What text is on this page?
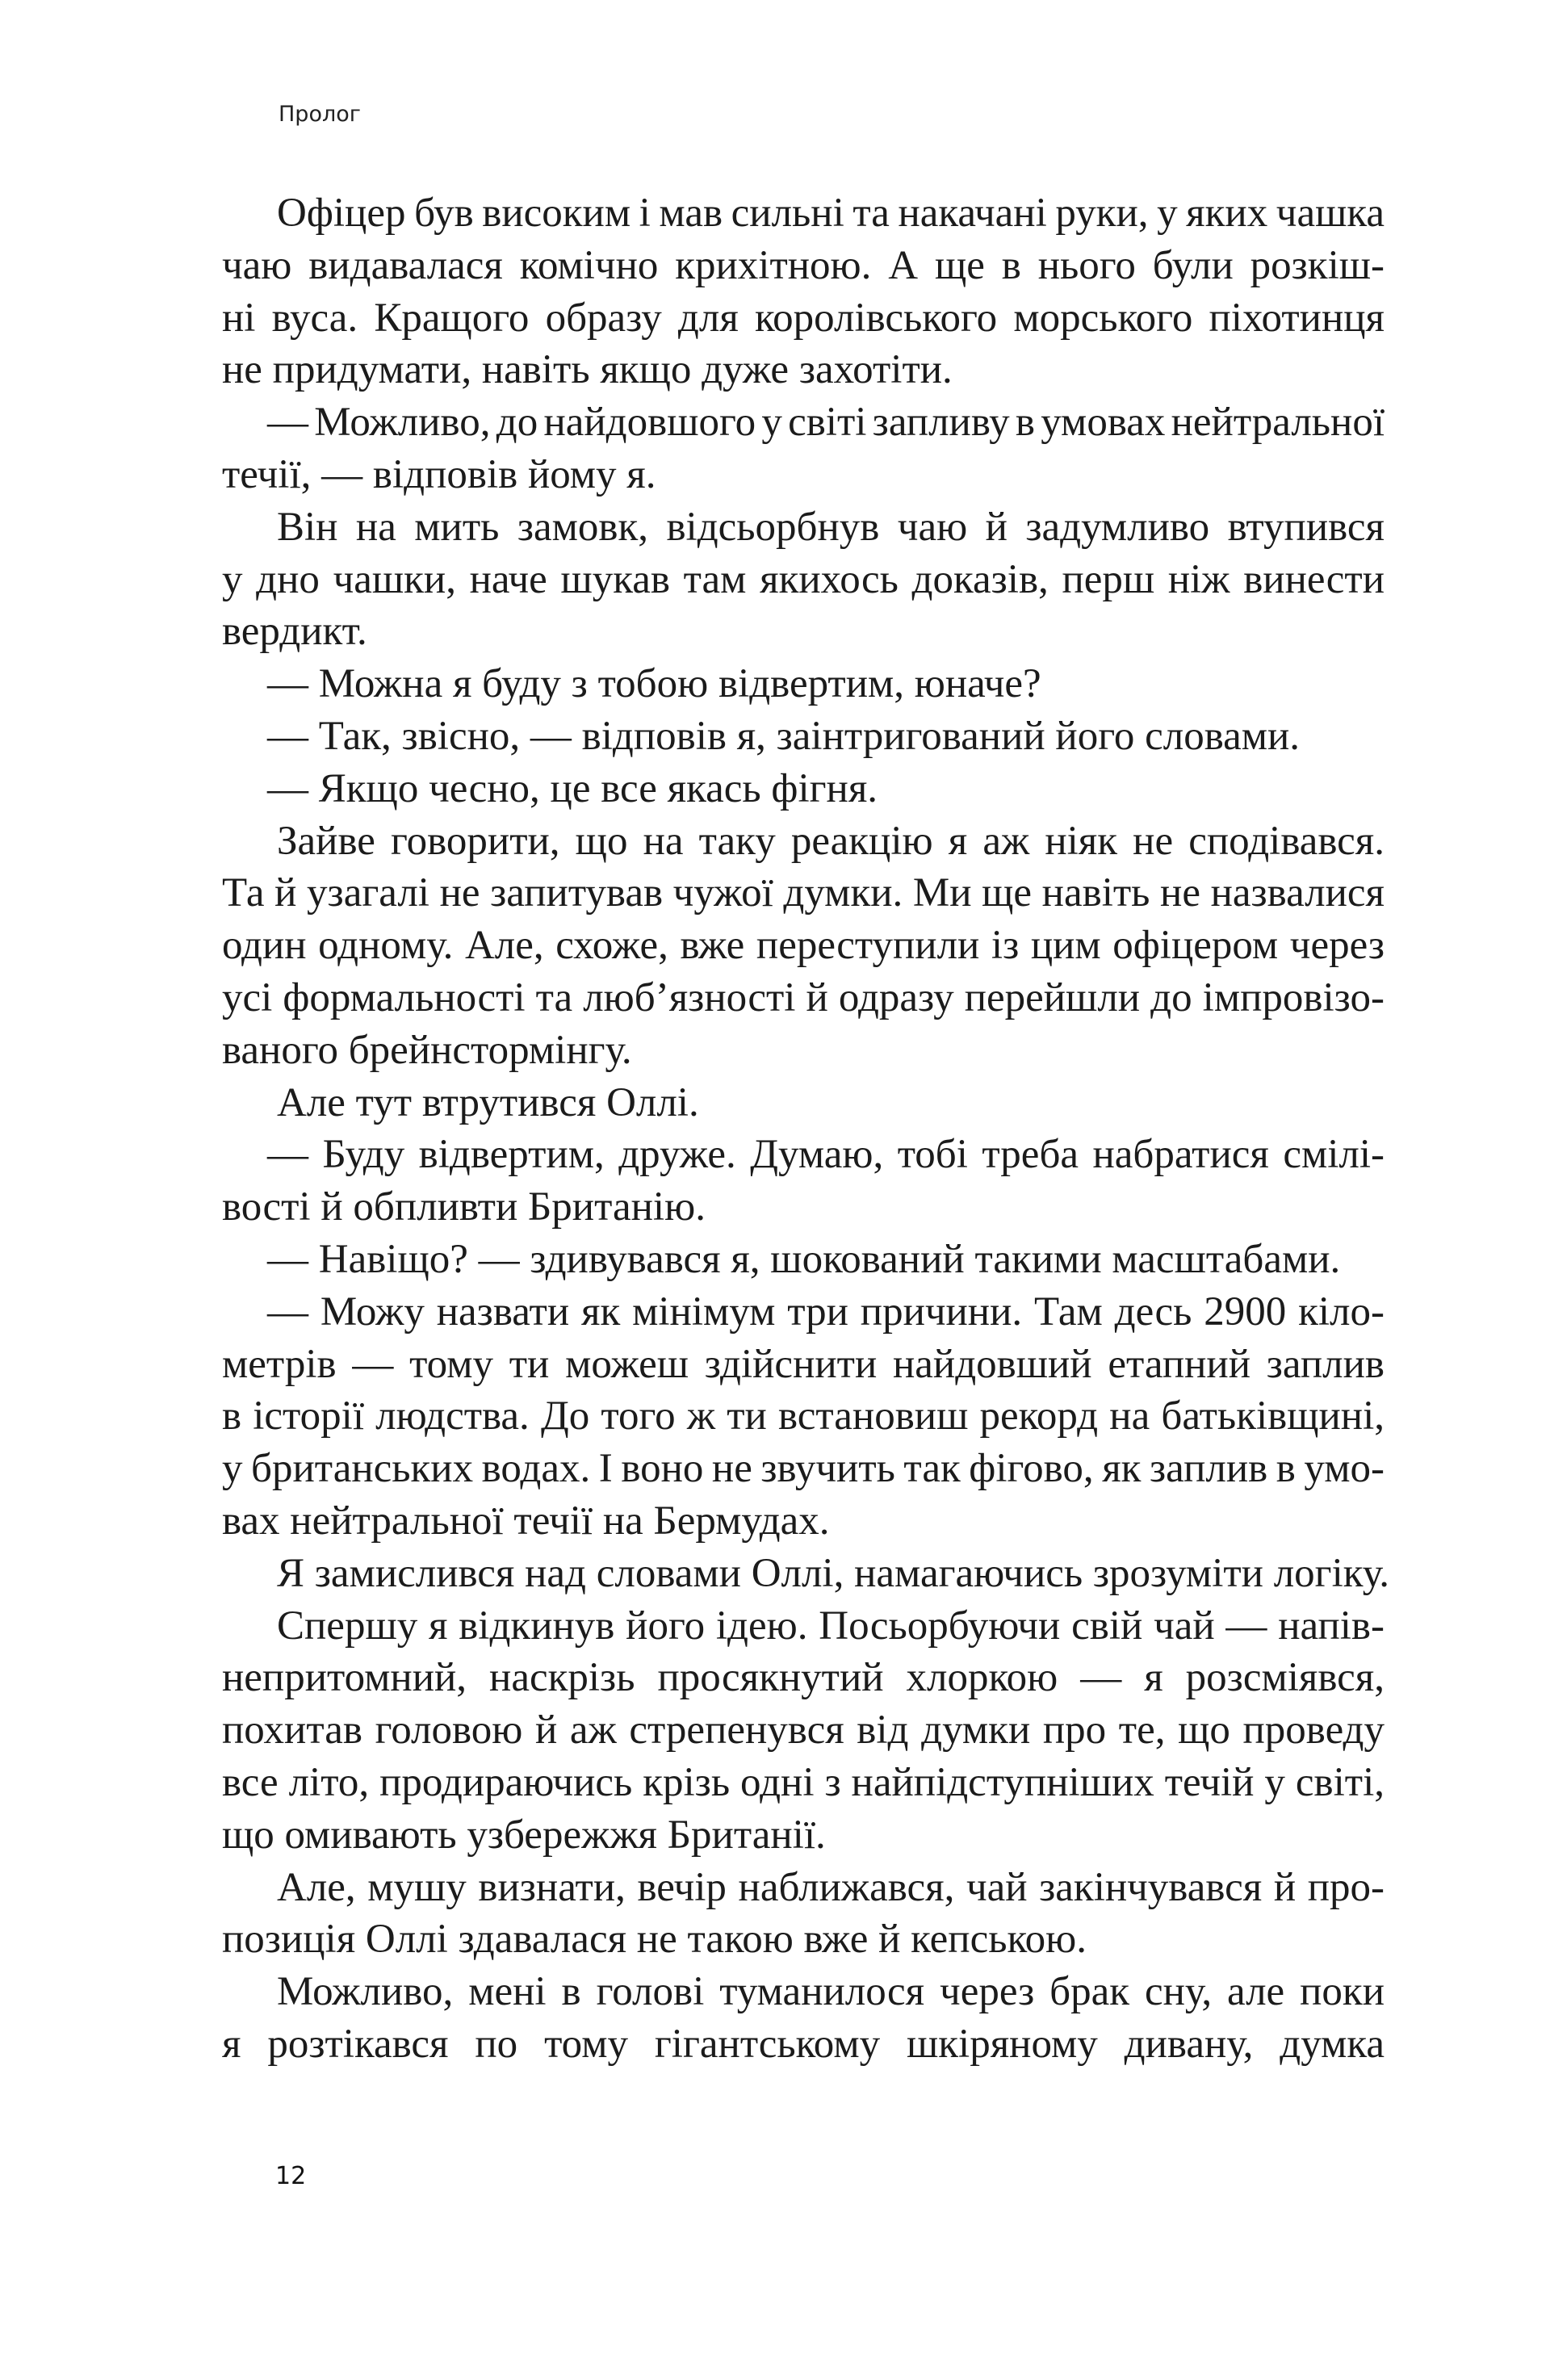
Пролог
Офіцер був високим і мав сильні та накачані руки, у яких чашка
чаю видавалася комічно крихітною. А ще в нього були розкіш-
ні вуса. Кращого образу для королівського морського піхотинця
не придумати, навіть якщо дуже захотіти.
— Можливо, до найдовшого у світі запливу в умовах нейтральної
течії, — відповів йому я.
Він на мить замовк, відсьорбнув чаю й задумливо втупився
у дно чашки, наче шукав там якихось доказів, перш ніж винести
вердикт.
— Можна я буду з тобою відвертим, юначе?
— Так, звісно, — відповів я, заінтригований його словами.
— Якщо чесно, це все якась фігня.
Зайве говорити, що на таку реакцію я аж ніяк не сподівався.
Та й узагалі не запитував чужої думки. Ми ще навіть не назвалися
один одному. Але, схоже, вже переступили із цим офіцером через
усі формальності та люб’язності й одразу перейшли до імпровізо-
ваного брейнстормінгу.
Але тут втрутився Оллі.
— Буду відвертим, друже. Думаю, тобі треба набратися смілі-
вості й обпливти Британію.
— Навіщо? — здивувався я, шокований такими масштабами.
— Можу назвати як мінімум три причини. Там десь 2900 кіло-
метрів — тому ти можеш здійснити найдовший етапний заплив
в історії людства. До того ж ти встановиш рекорд на батьківщині,
у британських водах. І воно не звучить так фігово, як заплив в умо-
вах нейтральної течії на Бермудах.
Я замислився над словами Оллі, намагаючись зрозуміти логіку.
Спершу я відкинув його ідею. Посьорбуючи свій чай — напів-
непритомний, наскрізь просякнутий хлоркою — я розсміявся,
похитав головою й аж стрепенувся від думки про те, що проведу
все літо, продираючись крізь одні з найпідступніших течій у світі,
що омивають узбережжя Британії.
Але, мушу визнати, вечір наближався, чай закінчувався й про-
позиція Оллі здавалася не такою вже й кепською.
Можливо, мені в голові туманилося через брак сну, але поки
я розтікався по тому гігантському шкіряному дивану, думка
12
